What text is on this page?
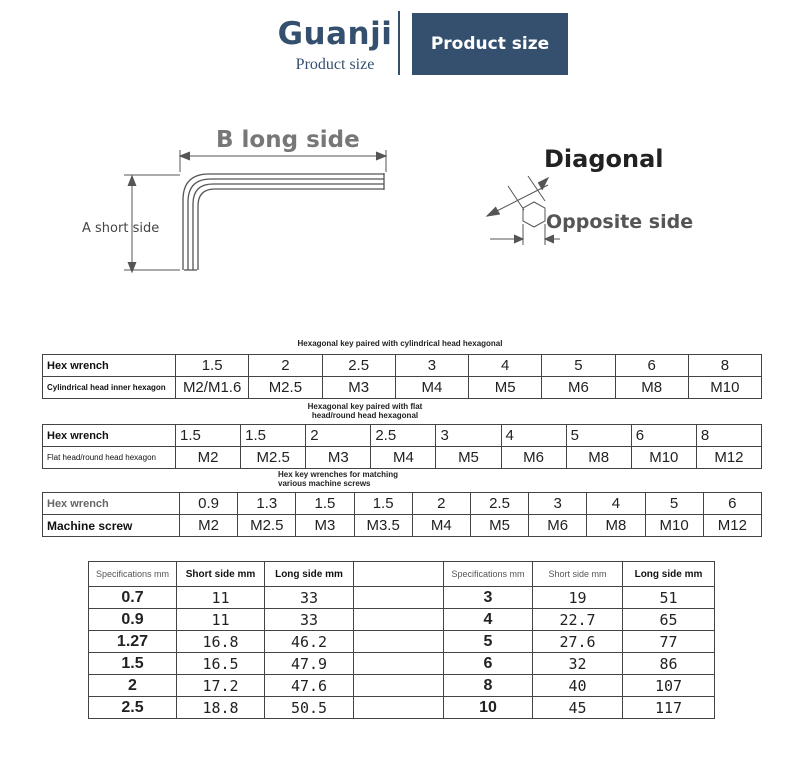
Guanji
Product size
Product size
B long side
A short side
Diagonal
Opposite side
Hexagonal key paired with cylindrical head hexagonal
Hex wrench	1.5	2	2.5	3	4	5	6	8
Cylindrical head inner hexagon	M2/M1.6	M2.5	M3	M4	M5	M6	M8	M10
Hexagonal key paired with flat head/round head hexagonal
Hex wrench	1.5	1.5	2	2.5	3	4	5	6	8
Flat head/round head hexagon	M2	M2.5	M3	M4	M5	M6	M8	M10	M12
Hex key wrenches for matching various machine screws
Hex wrench	0.9	1.3	1.5	1.5	2	2.5	3	4	5	6
Machine screw	M2	M2.5	M3	M3.5	M4	M5	M6	M8	M10	M12
Specifications mm	Short side mm	Long side mm		Specifications mm	Short side mm	Long side mm
0.7	11	33		3	19	51
0.9	11	33		4	22.7	65
1.27	16.8	46.2		5	27.6	77
1.5	16.5	47.9		6	32	86
2	17.2	47.6		8	40	107
2.5	18.8	50.5		10	45	117
